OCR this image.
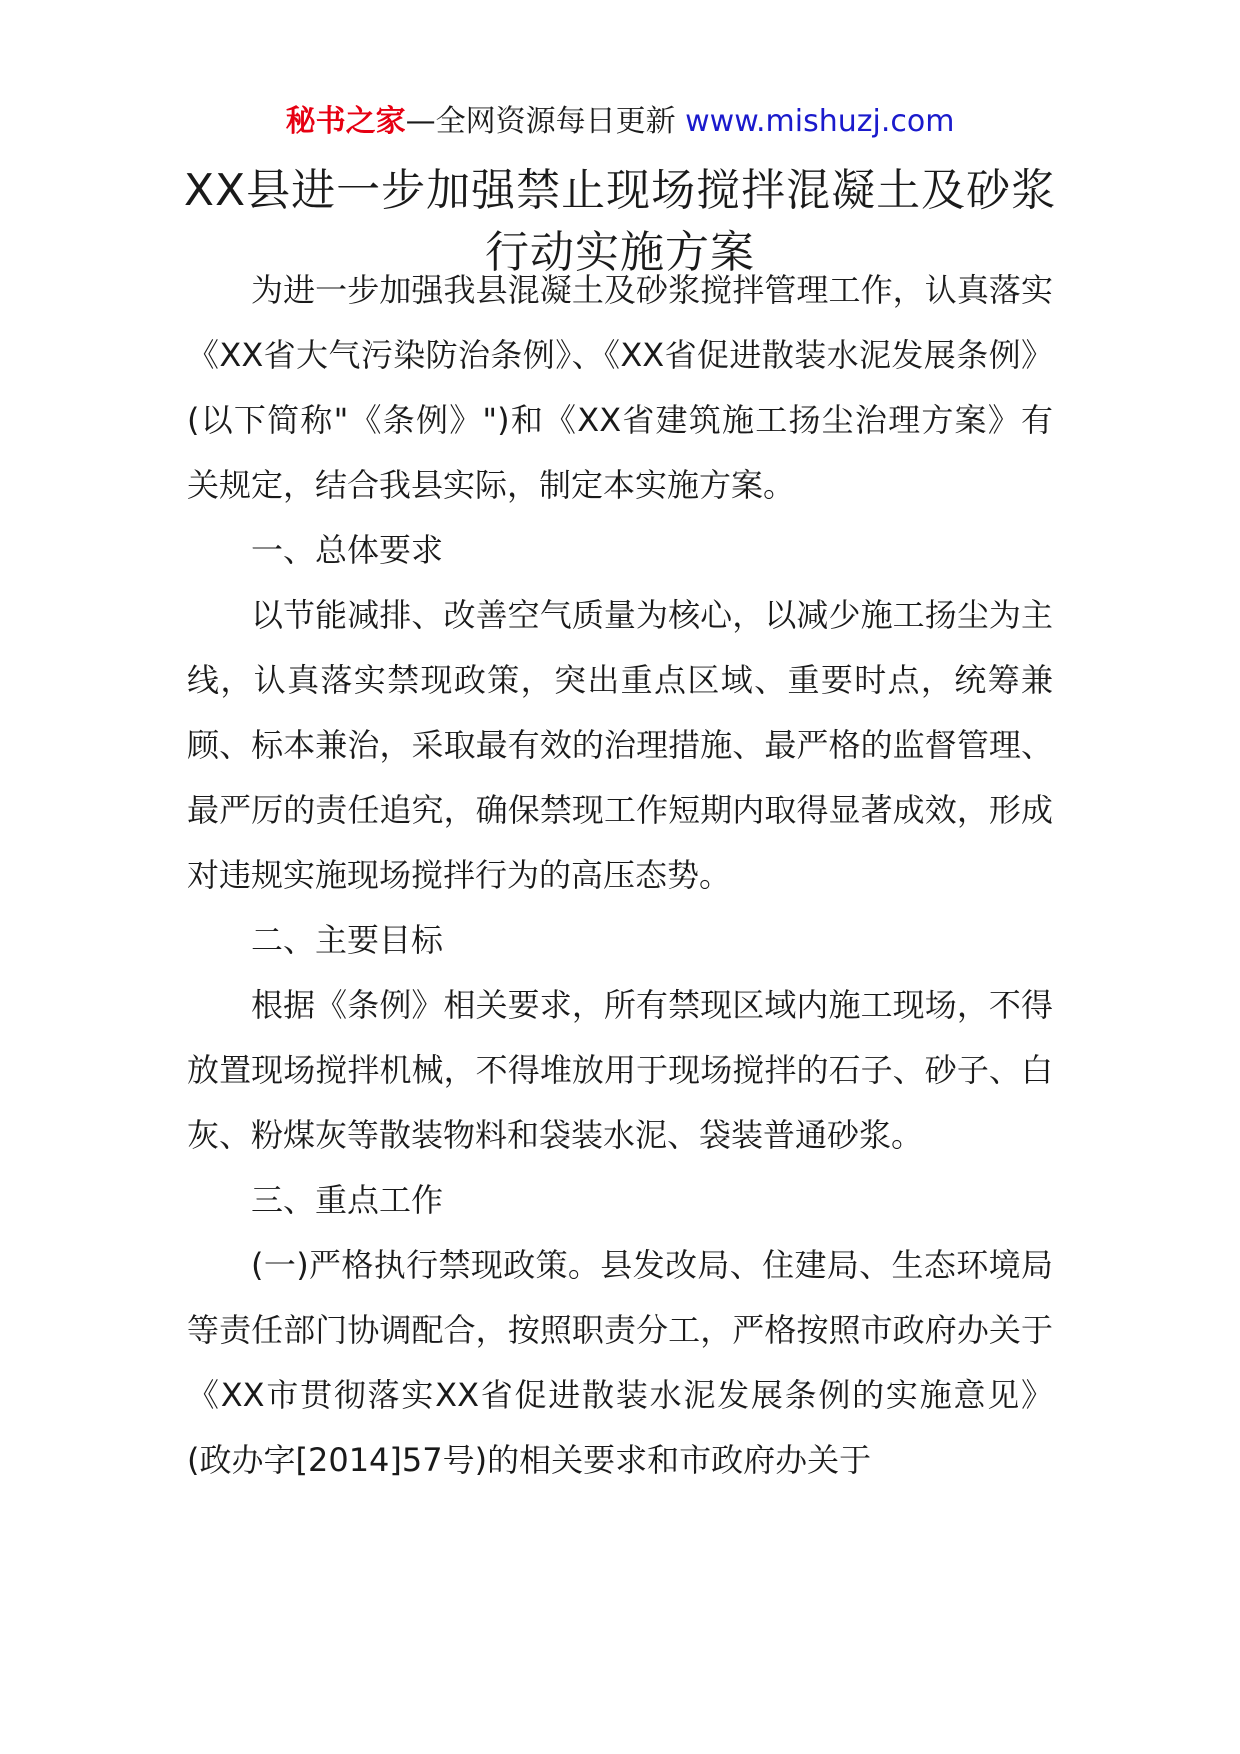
秘书之家—全网资源每日更新 www.mishuzj.com
XX县进一步加强禁止现场搅拌混凝土及砂浆行动实施方案

为进一步加强我县混凝土及砂浆搅拌管理工作，认真落实《XX省大气污染防治条例》、《XX省促进散装水泥发展条例》(以下简称"《条例》")和《XX省建筑施工扬尘治理方案》有关规定，结合我县实际，制定本实施方案。

一、总体要求

以节能减排、改善空气质量为核心，以减少施工扬尘为主线，认真落实禁现政策，突出重点区域、重要时点，统筹兼顾、标本兼治，采取最有效的治理措施、最严格的监督管理、最严厉的责任追究，确保禁现工作短期内取得显著成效，形成对违规实施现场搅拌行为的高压态势。

二、主要目标

根据《条例》相关要求，所有禁现区域内施工现场，不得放置现场搅拌机械，不得堆放用于现场搅拌的石子、砂子、白灰、粉煤灰等散装物料和袋装水泥、袋装普通砂浆。

三、重点工作

(一)严格执行禁现政策。县发改局、住建局、生态环境局等责任部门协调配合，按照职责分工，严格按照市政府办关于《XX市贯彻落实XX省促进散装水泥发展条例的实施意见》(政办字[2014]57号)的相关要求和市政府办关于
